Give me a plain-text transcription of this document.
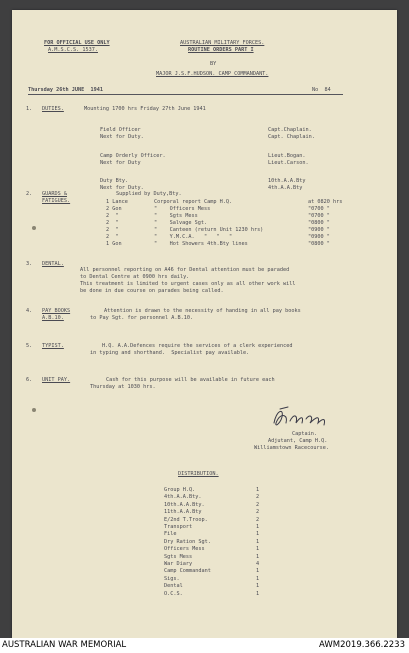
FOR OFFICIAL USE ONLY
A.M.S.C.S. 1537.
AUSTRALIAN MILITARY FORCES.
ROUTINE ORDERS PART I
BY
MAJOR J.S.F.HUDSON. CAMP COMMANDANT.
Thursday 26th JUNE  1941	No  84
1. DUTIES.	Mounting 1700 hrs Friday 27th June 1941
2. GUARDS &
FATIGUES.
Supplied by Duty,Bty.
3. DENTAL.
4. PAY BOOKS
A.B.10.
5. TYPIST.
6. UNIT PAY.
Captain.
Adjutant, Camp H.Q.
Williamstown Racecourse.
DISTRIBUTION.
Field Officer	Capt.Chaplain.
Next for Duty.	Capt. Chaplain.
Camp Orderly Officer.	Lieut.Bogan.
Next for Duty	Lieut.Carson.
Duty Bty.	10th.A.A.Bty
Next for Duty.	4th.A.A.Bty
1 Lance	Corporal report Camp H.Q.	at 0820 hrs
2 Gon	"    Officers Mess	"0700 "
2  "	"    Sgts Mess	"0700 "
2  "	"    Salvage Sgt.	"0800 "
2  "	"    Canteen (return Unit 1230 hrs)	"0900 "
2  "	"    Y.M.C.A.   "   "   "	"0900 "
1 Gon	"    Hot Showers 4th.Bty lines	"0800 "
All personnel reporting on A46 for Dental attention must be paraded
to Dental Centre at 0900 hrs daily.
This treatment is limited to urgent cases only as all other work will
be done in due course on parades being called.
Attention is drawn to the necessity of handing in all pay books
to Pay Sgt. for personnel A.B.10.
H.Q. A.A.Defences require the services of a clerk experienced
in typing and shorthand.  Specialist pay available.
Cash for this purpose will be available in future each
Thursday at 1030 hrs.
Group H.Q.	1
4th.A.A.Bty.	2
10th.A.A.Bty.	2
11th.A.A.Bty	2
E/2nd T.Troop.	2
Transport	1
File	1
Dry Ration Sgt.	1
Officers Mess	1
Sgts Mess	1
War Diary	4
Camp Commandant	1
Sigs.	1
Dental	1
O.C.S.	1
AUSTRALIAN WAR MEMORIAL	AWM2019.366.2233
